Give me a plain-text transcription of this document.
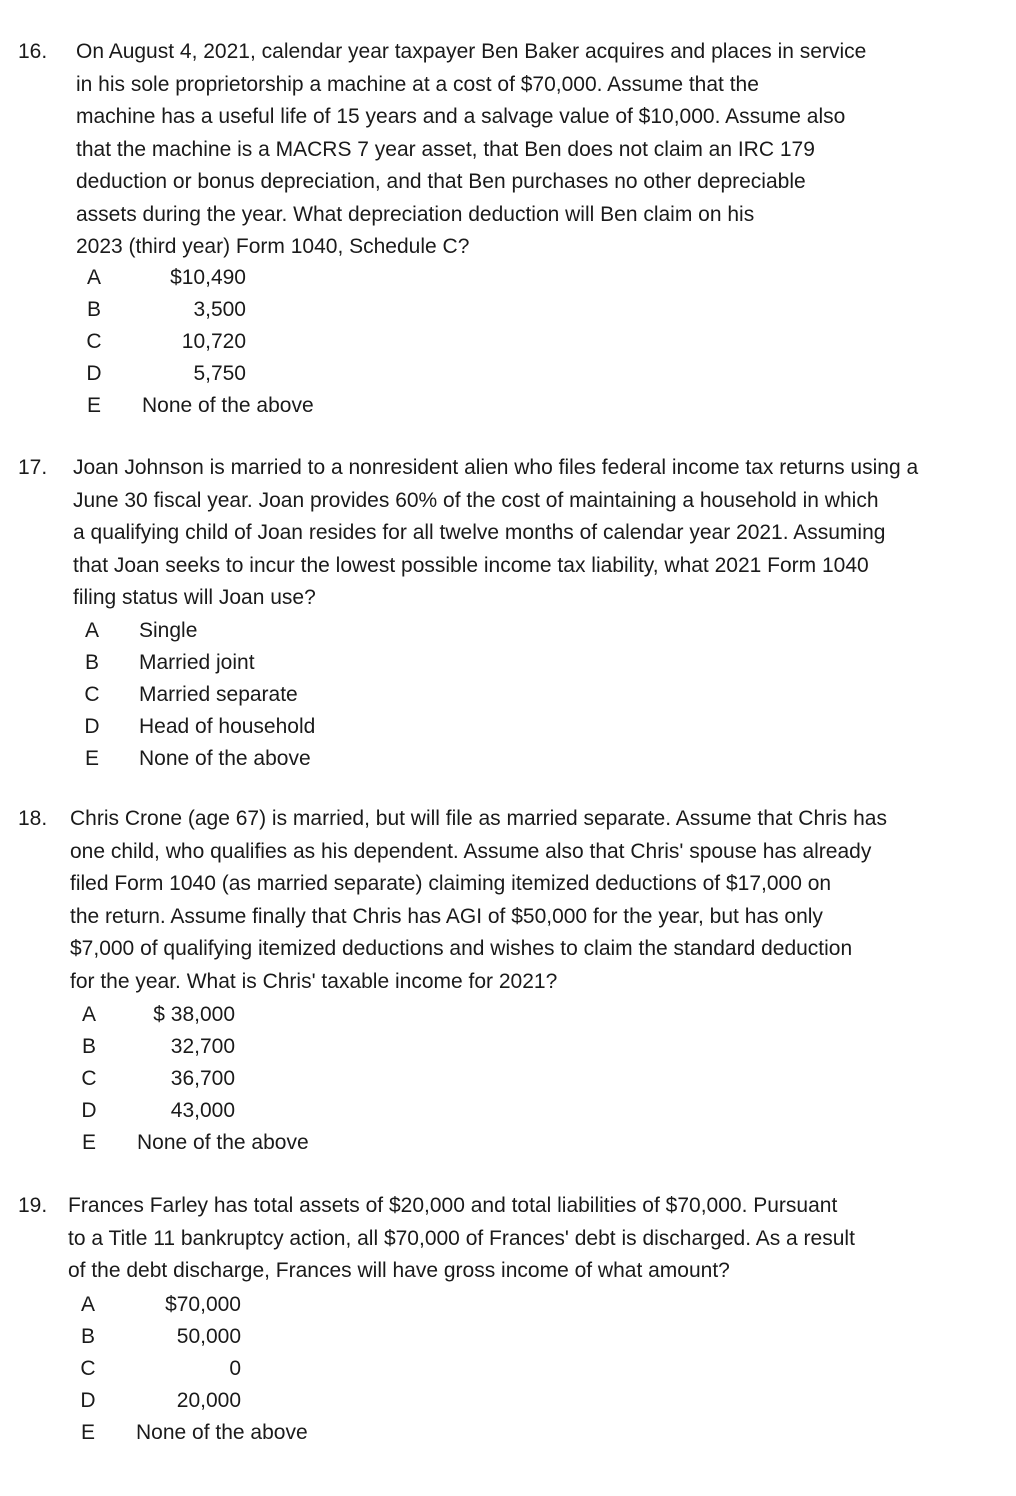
16. On August 4, 2021, calendar year taxpayer Ben Baker acquires and places in service
in his sole proprietorship a machine at a cost of $70,000. Assume that the
machine has a useful life of 15 years and a salvage value of $10,000. Assume also
that the machine is a MACRS 7 year asset, that Ben does not claim an IRC 179
deduction or bonus depreciation, and that Ben purchases no other depreciable
assets during the year. What depreciation deduction will Ben claim on his
2023 (third year) Form 1040, Schedule C?
A	$10,490
B	3,500
C	10,720
D	5,750
E None of the above
17. Joan Johnson is married to a nonresident alien who files federal income tax returns using a
June 30 fiscal year. Joan provides 60% of the cost of maintaining a household in which
a qualifying child of Joan resides for all twelve months of calendar year 2021. Assuming
that Joan seeks to incur the lowest possible income tax liability, what 2021 Form 1040
filing status will Joan use?
A Single
B Married joint
C Married separate
D Head of household
E None of the above
18. Chris Crone (age 67) is married, but will file as married separate. Assume that Chris has
one child, who qualifies as his dependent. Assume also that Chris' spouse has already
filed Form 1040 (as married separate) claiming itemized deductions of $17,000 on
the return. Assume finally that Chris has AGI of $50,000 for the year, but has only
$7,000 of qualifying itemized deductions and wishes to claim the standard deduction
for the year. What is Chris' taxable income for 2021?
A	$ 38,000
B	32,700
C	36,700
D	43,000
E None of the above
19. Frances Farley has total assets of $20,000 and total liabilities of $70,000. Pursuant
to a Title 11 bankruptcy action, all $70,000 of Frances' debt is discharged. As a result
of the debt discharge, Frances will have gross income of what amount?
A	$70,000
B	50,000
C	0
D	20,000
E None of the above
